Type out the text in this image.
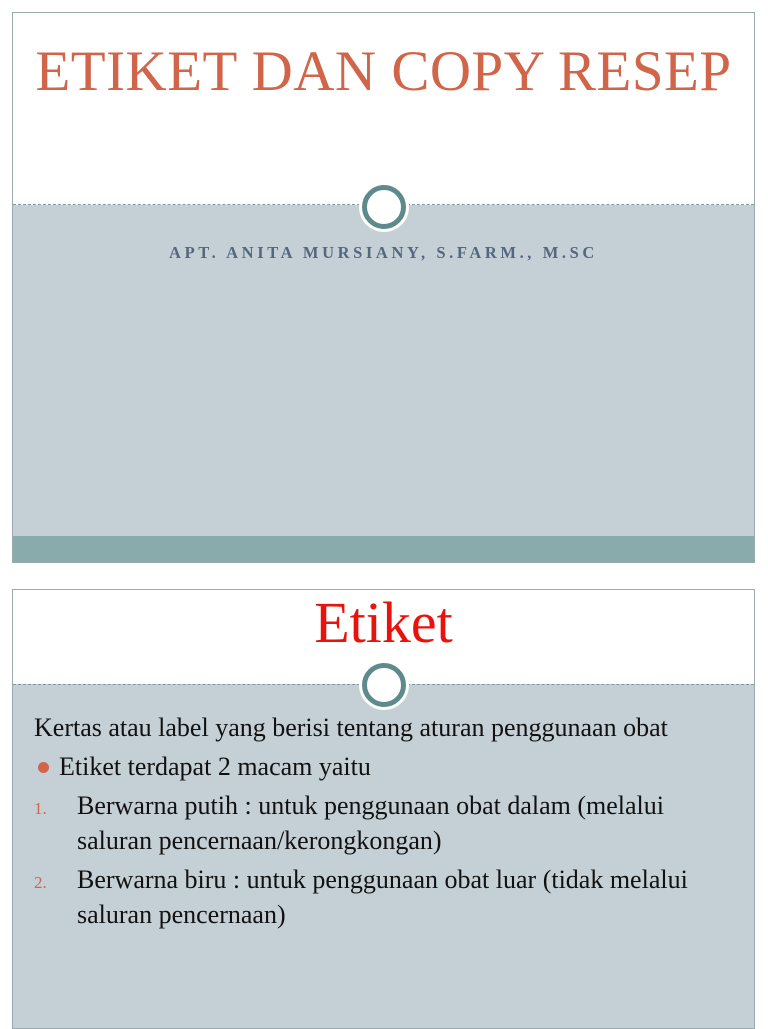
ETIKET DAN COPY RESEP
APT. ANITA MURSIANY, S.FARM., M.SC
Etiket

Kertas atau label yang berisi tentang aturan penggunaan obat

Etiket terdapat 2 macam yaitu
1. Berwarna putih : untuk penggunaan obat dalam (melalui saluran pencernaan/kerongkongan)
2. Berwarna biru : untuk penggunaan obat luar (tidak melalui saluran pencernaan)
